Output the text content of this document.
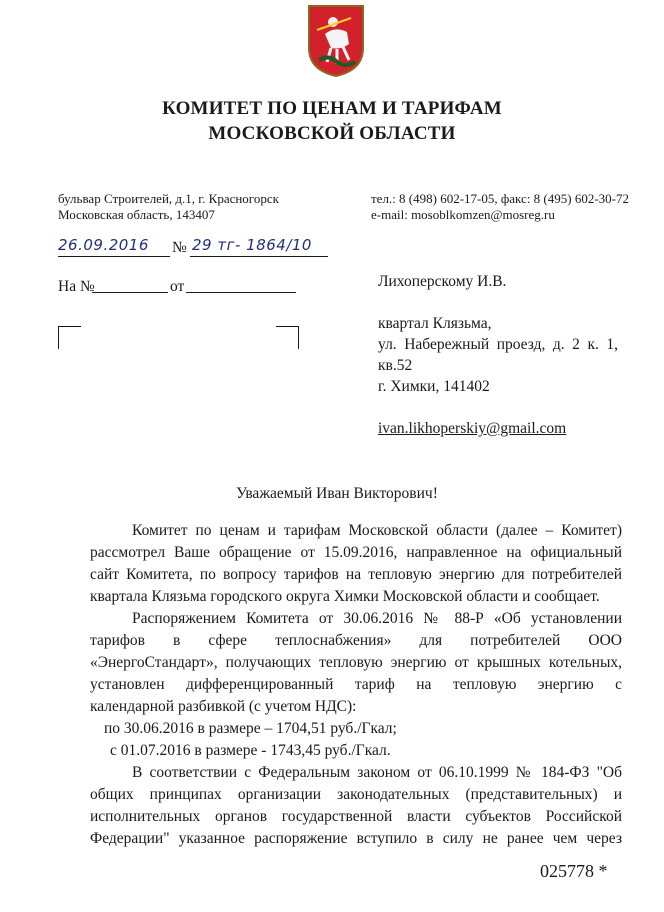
КОМИТЕТ ПО ЦЕНАМ И ТАРИФАМ
МОСКОВСКОЙ ОБЛАСТИ
бульвар Строителей, д.1, г. Красногорск
Московская область, 143407
тел.: 8 (498) 602-17-05, факс: 8 (495) 602-30-72
e-mail: mosoblkomzen@mosreg.ru
26.09.2016 № 29 тг- 1864/10
На №	от	Лихоперскому И.В.
квартал Клязьма,
ул. Набережный проезд, д. 2 к. 1,
кв.52
г. Химки, 141402
ivan.likhoperskiy@gmail.com
Уважаемый Иван Викторович!
Комитет по ценам и тарифам Московской области (далее – Комитет)
рассмотрел Ваше обращение от 15.09.2016, направленное на официальный
сайт Комитета, по вопросу тарифов на тепловую энергию для потребителей
квартала Клязьма городского округа Химки Московской области и сообщает.
Распоряжением Комитета от 30.06.2016 № 88-Р «Об установлении
тарифов в сфере теплоснабжения» для потребителей ООО
«ЭнергоСтандарт», получающих тепловую энергию от крышных котельных,
установлен дифференцированный тариф на тепловую энергию с
календарной разбивкой (с учетом НДС):
по 30.06.2016 в размере – 1704,51 руб./Гкал;
с 01.07.2016 в размере - 1743,45 руб./Гкал.
В соответствии с Федеральным законом от 06.10.1999 № 184-ФЗ "Об
общих принципах организации законодательных (представительных) и
исполнительных органов государственной власти субъектов Российской
Федерации" указанное распоряжение вступило в силу не ранее чем через
025778 *
